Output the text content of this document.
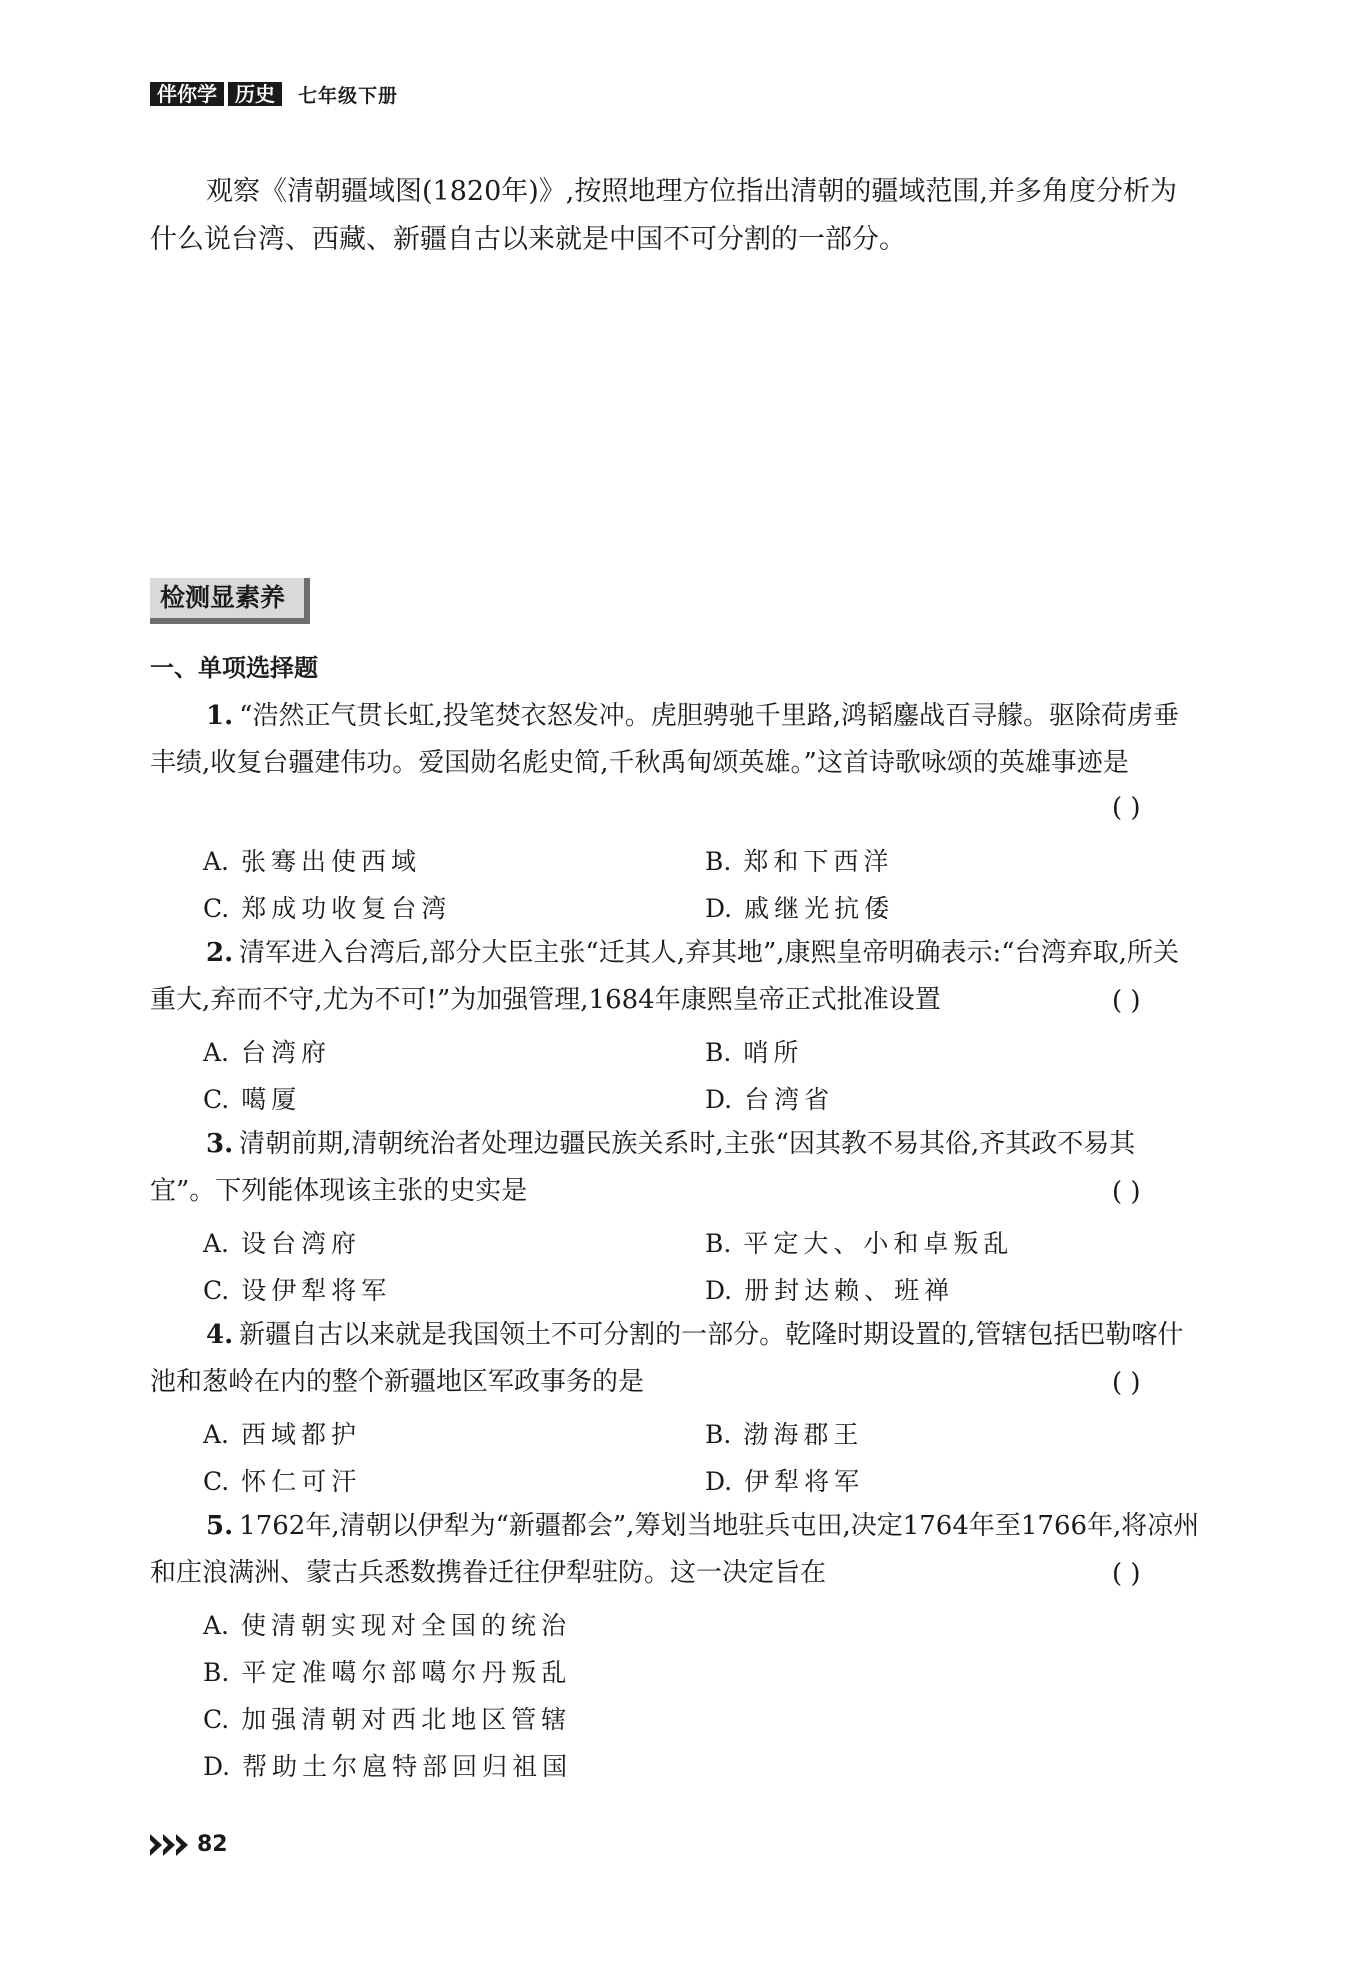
伴你学 历史	七年级下册

观察《清朝疆域图(1820年)》,按照地理方位指出清朝的疆域范围,并多角度分析为什么说台湾、西藏、新疆自古以来就是中国不可分割的一部分。

检测显素养

一、单项选择题

1. “浩然正气贯长虹,投笔焚衣怒发冲。虎胆骋驰千里路,鸿韬鏖战百寻艨。驱除荷虏垂丰绩,收复台疆建伟功。爱国勋名彪史简,千秋禹甸颂英雄。”这首诗歌咏颂的英雄事迹是

( )
A. 张骞出使西域	B. 郑和下西洋
C. 郑成功收复台湾	D. 戚继光抗倭

2. 清军进入台湾后,部分大臣主张“迁其人,弃其地”,康熙皇帝明确表示:“台湾弃取,所关重大,弃而不守,尤为不可!”为加强管理,1684年康熙皇帝正式批准设置	( )
A. 台湾府	B. 哨所
C. 噶厦	D. 台湾省

3. 清朝前期,清朝统治者处理边疆民族关系时,主张“因其教不易其俗,齐其政不易其宜”。下列能体现该主张的史实是	( )
A. 设台湾府	B. 平定大、小和卓叛乱
C. 设伊犁将军	D. 册封达赖、班禅

4. 新疆自古以来就是我国领土不可分割的一部分。乾隆时期设置的,管辖包括巴勒喀什池和葱岭在内的整个新疆地区军政事务的是	( )
A. 西域都护	B. 渤海郡王
C. 怀仁可汗	D. 伊犁将军

5. 1762年,清朝以伊犁为“新疆都会”,筹划当地驻兵屯田,决定1764年至1766年,将凉州和庄浪满洲、蒙古兵悉数携眷迁往伊犁驻防。这一决定旨在	( )
A. 使清朝实现对全国的统治
B. 平定准噶尔部噶尔丹叛乱
C. 加强清朝对西北地区管辖
D. 帮助土尔扈特部回归祖国
82
